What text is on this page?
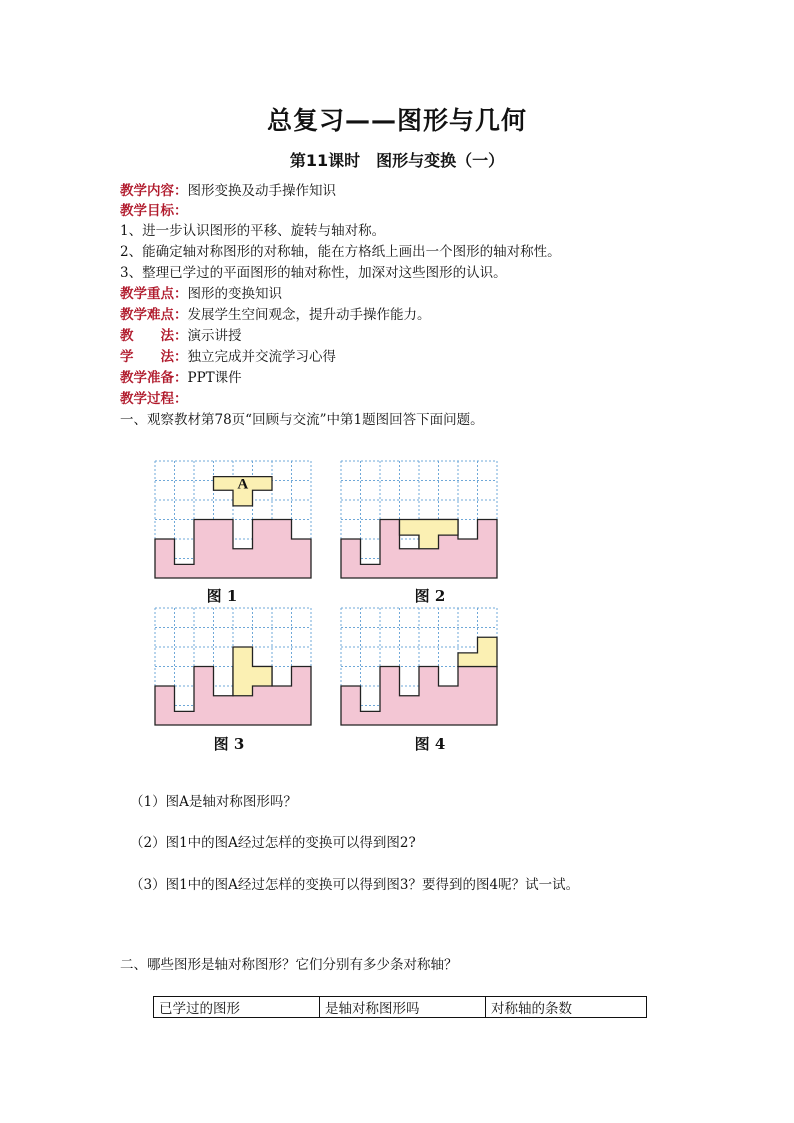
总复习——图形与几何
第11课时　图形与变换（一）
教学内容：图形变换及动手操作知识
教学目标：
1、进一步认识图形的平移、旋转与轴对称。
2、能确定轴对称图形的对称轴，能在方格纸上画出一个图形的轴对称性。
3、整理已学过的平面图形的轴对称性，加深对这些图形的认识。
教学重点：图形的变换知识
教学难点：发展学生空间观念，提升动手操作能力。
教　　法：演示讲授
学　　法：独立完成并交流学习心得
教学准备：PPT课件
教学过程：
一、观察教材第78页“回顾与交流”中第1题图回答下面问题。
A
图 1	图 2
图 3	图 4
（1）图A是轴对称图形吗？
（2）图1中的图A经过怎样的变换可以得到图2?
（3）图1中的图A经过怎样的变换可以得到图3？要得到的图4呢？试一试。
二、哪些图形是轴对称图形？它们分别有多少条对称轴？
已学过的图形	是轴对称图形吗	对称轴的条数
